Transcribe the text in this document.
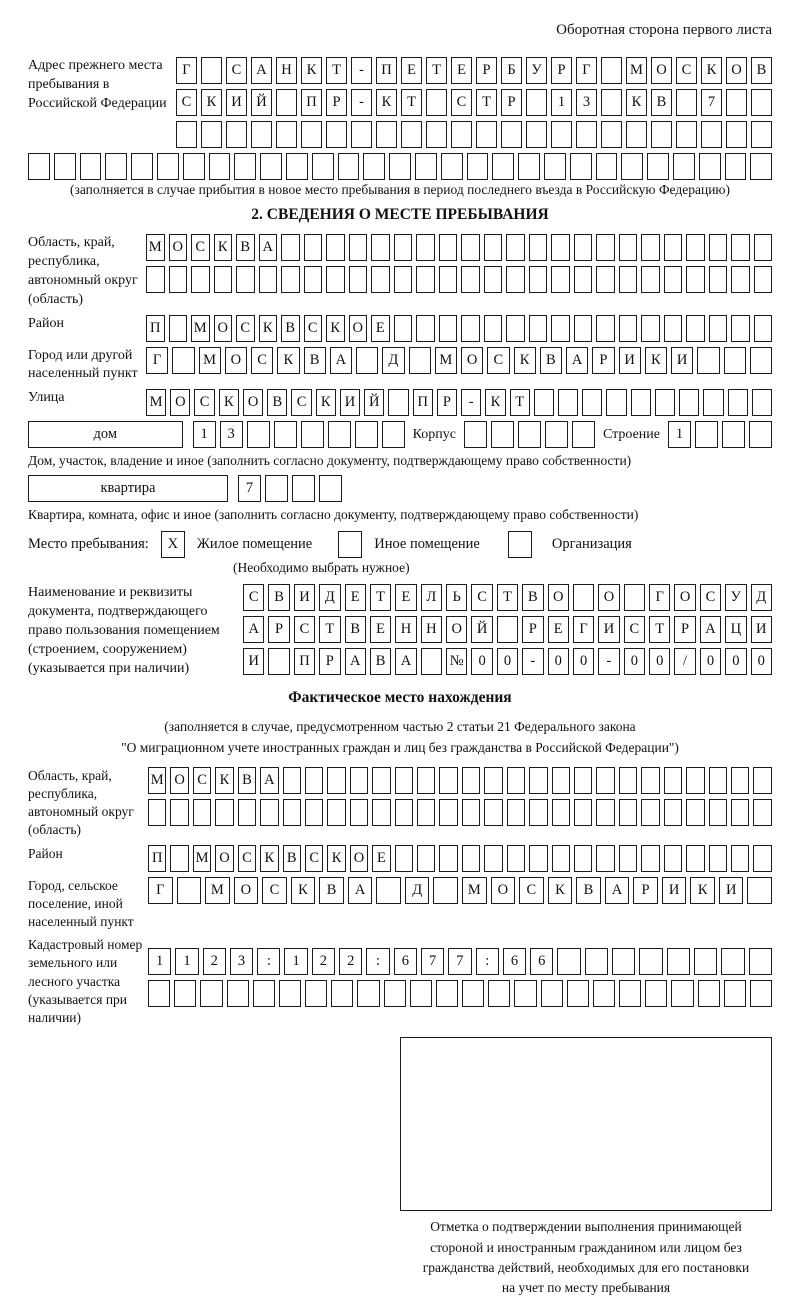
Оборотная сторона первого листа
Адрес прежнего места пребывания в Российской Федерации
Г	С	А	Н	К	Т	-	П	Е	Т	Е	Р	Б	У	Р	Г	М О	С	К	О	В
С	К	И	Й	П	Р	-	К	Т	С	Т	Р	1	3	К	В	7
(заполняется в случае прибытия в новое место пребывания в период последнего въезда в Российскую Федерацию)
2. СВЕДЕНИЯ О МЕСТЕ ПРЕБЫВАНИЯ
Область, край, республика, автономный округ (область)
М О С К В А
Район	П М О С К В С К О Е
Город или другой населенный пункт
Г	М	О	С	К	В	А	Д	М	О	С	К	В	А	Р	И	К	И
Улица	М О С	К О В	С	К И Й	П	Р	-	К	Т
дом	1	3	Корпус	Строение	1
Дом, участок, владение и иное (заполнить согласно документу, подтверждающему право собственности)
квартира	7
Квартира, комната, офис и иное (заполнить согласно документу, подтверждающему право собственности)
Место пребывания:	X	Жилое помещение	Иное помещение	Организация
(Необходимо выбрать нужное)
Наименование и реквизиты документа, подтверждающего право пользования помещением (строением, сооружением) (указывается при наличии)
С	В	И	Д	Е	Т	Е	Л	Ь	С	Т	В	О	О	Г	О	С	У	Д
А	Р	С	Т	В	Е	Н	Н	О	Й	Р	Е	Г	И	С	Т	Р	А	Ц	И
И	П	Р	А	В	А	№	0	0	-	0	0	-	0	0	/	0	0	0
Фактическое место нахождения
(заполняется в случае, предусмотренном частью 2 статьи 21 Федерального закона
"О миграционном учете иностранных граждан и лиц без гражданства в Российской Федерации")
Область, край, республика, автономный округ (область)
М О С К В А
Район	П М О С К В С К О Е
Город, сельское поселение, иной населенный пункт
Г	М	О	С	К	В	А	Д	М	О	С	К	В	А	Р	И	К	И
Кадастровый номер земельного или лесного участка (указывается при наличии)
1	1	2	3	:	1	2	2	:	6	7	7	:	6	6
Отметка о подтверждении выполнения принимающей
стороной и иностранным гражданином или лицом без
гражданства действий, необходимых для его постановки
на учет по месту пребывания
